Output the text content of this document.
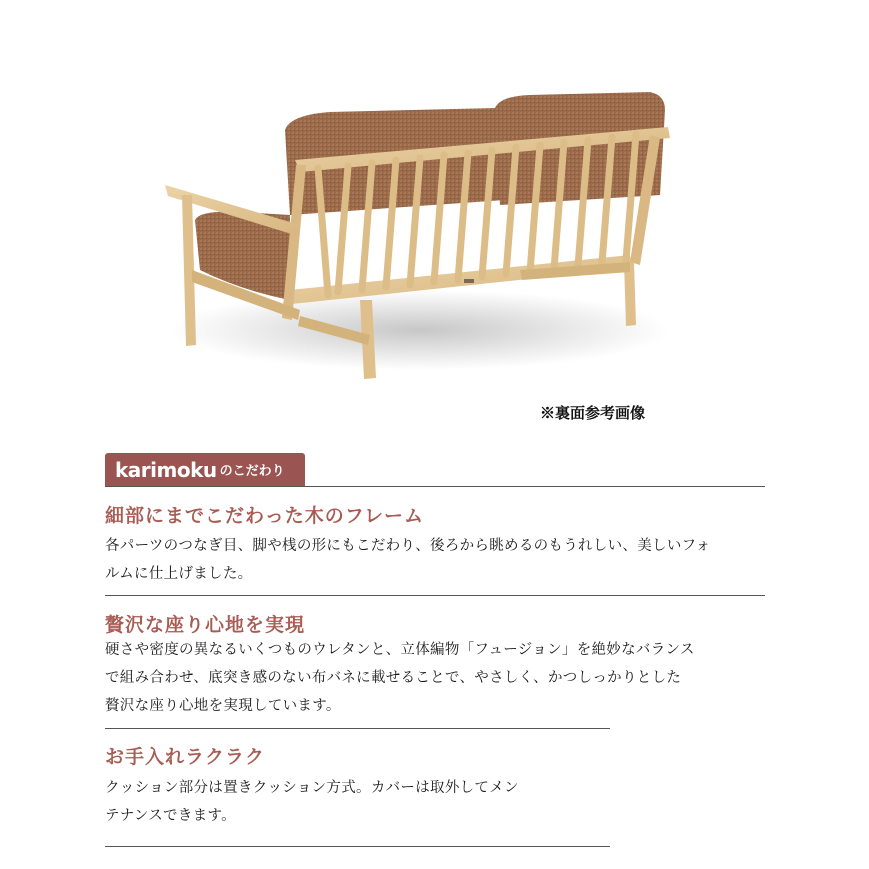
※裏面参考画像
karimoku のこだわり
細部にまでこだわった木のフレーム
各パーツのつなぎ目、脚や桟の形にもこだわり、後ろから眺めるのもうれしい、美しいフォ
ルムに仕上げました。
贅沢な座り心地を実現
硬さや密度の異なるいくつものウレタンと、立体編物「フュージョン」を絶妙なバランス
で組み合わせ、底突き感のない布バネに載せることで、やさしく、かつしっかりとした
贅沢な座り心地を実現しています。
お手入れラクラク
クッション部分は置きクッション方式。カバーは取外してメン
テナンスできます。
